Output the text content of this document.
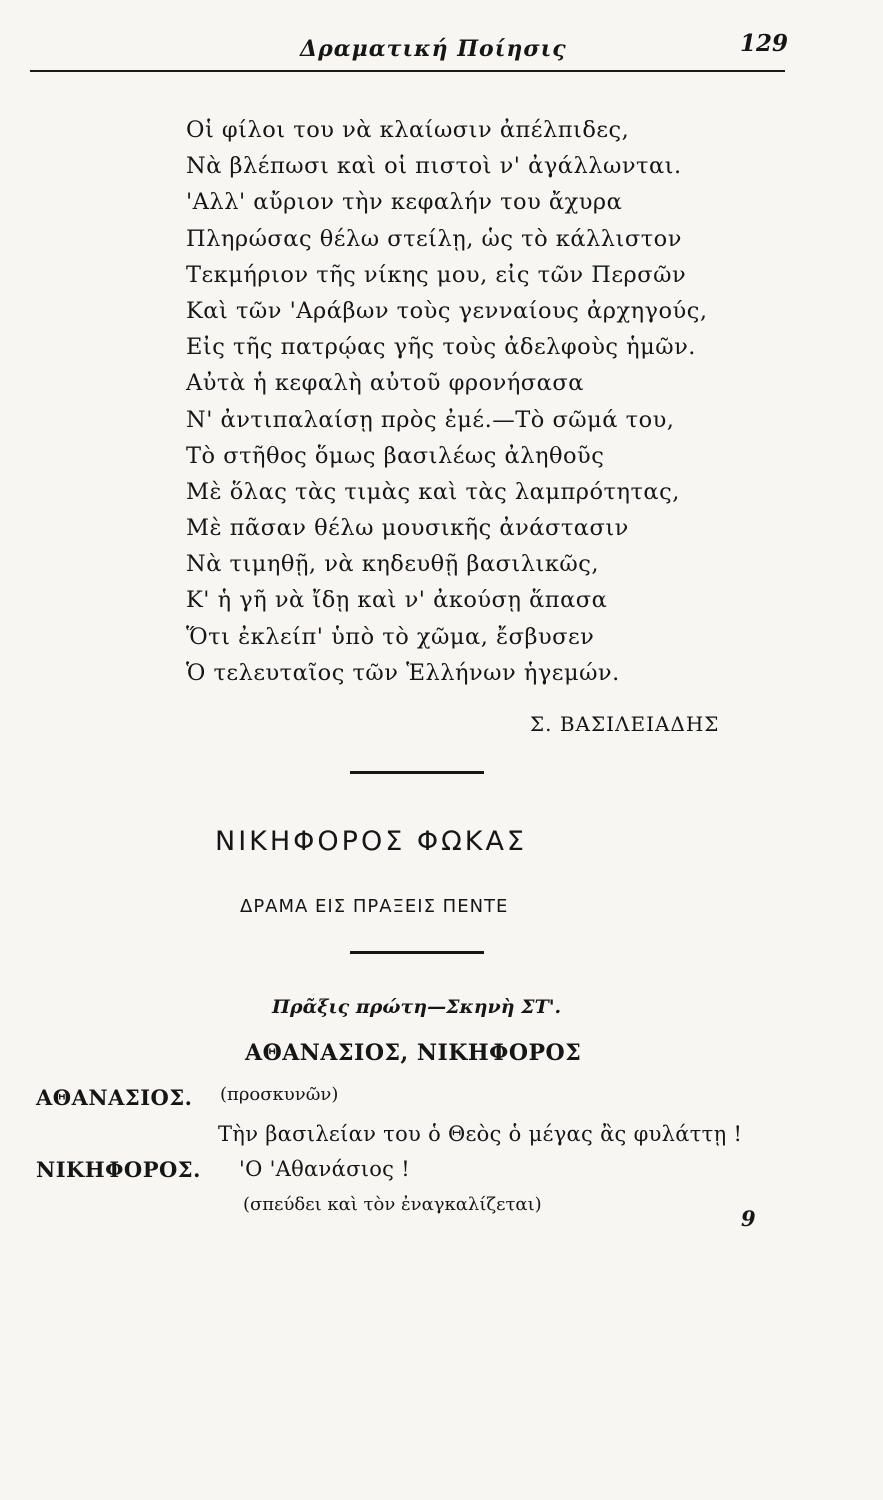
Δραματική Ποίησις	129
Οἱ φίλοι του νὰ κλαίωσιν ἀπέλπιδες,
Νὰ βλέπωσι καὶ οἱ πιστοὶ ν' ἀγάλλωνται.
'Αλλ' αὔριον τὴν κεφαλήν του ἄχυρα
Πληρώσας θέλω στείλῃ, ὡς τὸ κάλλιστον
Τεκμήριον τῆς νίκης μου, εἰς τῶν Περσῶν
Καὶ τῶν 'Αράβων τοὺς γενναίους ἀρχηγούς,
Εἰς τῆς πατρῴας γῆς τοὺς ἀδελφοὺς ἡμῶν.
Αὐτὰ ἡ κεφαλὴ αὐτοῦ φρονήσασα
Ν' ἀντιπαλαίσῃ πρὸς ἐμέ.—Τὸ σῶμά του,
Τὸ στῆθος ὅμως βασιλέως ἀληθοῦς
Μὲ ὅλας τὰς τιμὰς καὶ τὰς λαμπρότητας,
Μὲ πᾶσαν θέλω μουσικῆς ἀνάστασιν
Νὰ τιμηθῇ, νὰ κηδευθῇ βασιλικῶς,
Κ' ἡ γῆ νὰ ἴδῃ καὶ ν' ἀκούσῃ ἅπασα
Ὅτι ἐκλείπ' ὑπὸ τὸ χῶμα, ἔσβυσεν
Ὁ τελευταῖος τῶν Ἑλλήνων ἡγεμών.
Σ. ΒΑΣΙΛΕΙΑΔΗΣ
ΝΙΚΗΦΟΡΟΣ ΦΩΚΑΣ
ΔΡΑΜΑ ΕΙΣ ΠΡΑΞΕΙΣ ΠΕΝΤΕ
Πρᾶξις πρώτη—Σκηνὴ ΣΤ'.
ΑΘΑΝΑΣΙΟΣ, ΝΙΚΗΦΟΡΟΣ
ΑΘΑΝΑΣΙΟΣ. (προσκυνῶν)
Τὴν βασιλείαν του ὁ Θεὸς ὁ μέγας ἂς φυλάττῃ !
ΝΙΚΗΦΟΡΟΣ. 'Ο 'Αθανάσιος !
(σπεύδει καὶ τὸν ἐναγκαλίζεται)
9
